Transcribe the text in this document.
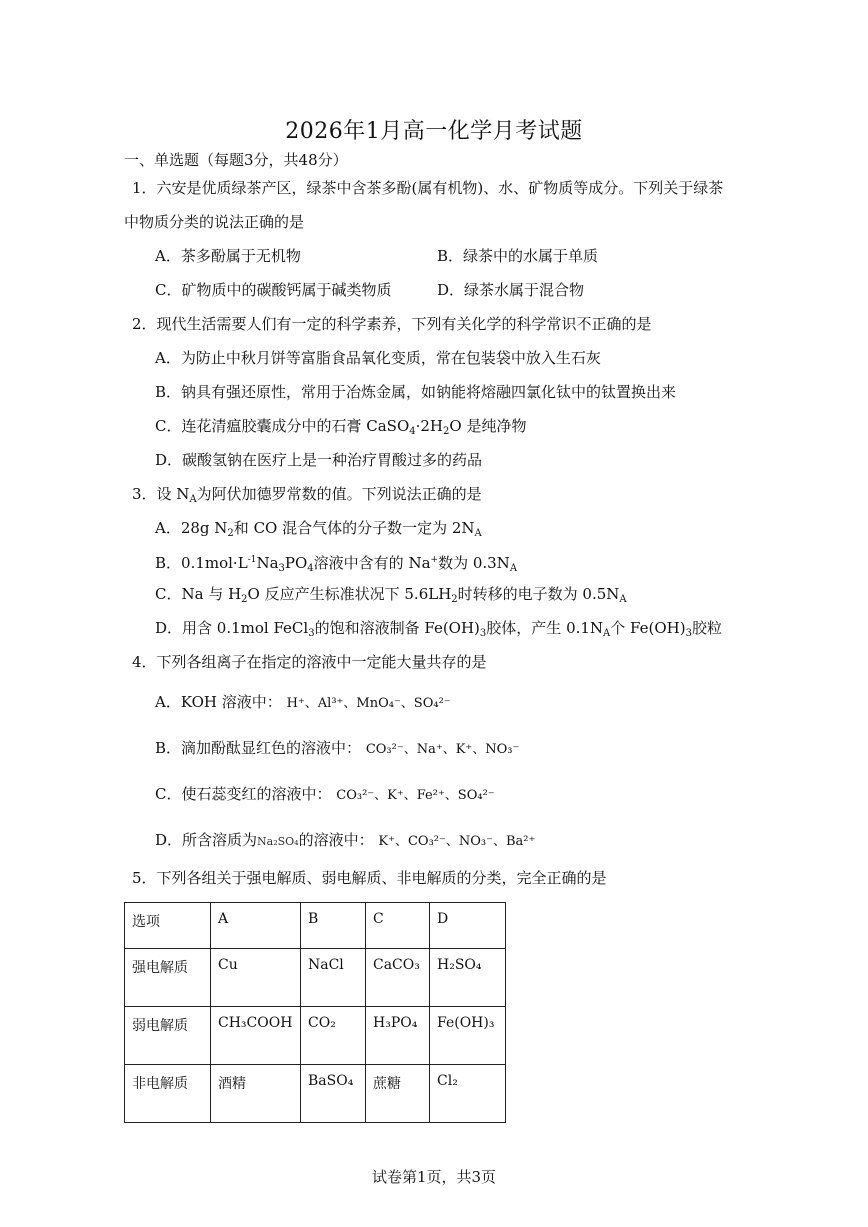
2026年1月高一化学月考试题
一、单选题（每题3分，共48分）
1．六安是优质绿茶产区，绿茶中含茶多酚(属有机物)、水、矿物质等成分。下列关于绿茶
中物质分类的说法正确的是
A．茶多酚属于无机物	B．绿茶中的水属于单质
C．矿物质中的碳酸钙属于碱类物质	D．绿茶水属于混合物
2．现代生活需要人们有一定的科学素养，下列有关化学的科学常识不正确的是
A．为防止中秋月饼等富脂食品氧化变质，常在包装袋中放入生石灰
B．钠具有强还原性，常用于冶炼金属，如钠能将熔融四氯化钛中的钛置换出来
C．连花清瘟胶囊成分中的石膏 $CaSO_4\cdot 2H_2O$ 是纯净物
D．碳酸氢钠在医疗上是一种治疗胃酸过多的药品
3．设 $N_A$为阿伏加德罗常数的值。下列说法正确的是
A．28g $N_2$和 CO 混合气体的分子数一定为 $2N_A$
B．$0.1mol\cdot L^{-1}Na_3PO_4$溶液中含有的 Na+数为 $0.3N_A$
C．Na 与 $H_2O$ 反应产生标准状况下 $5.6LH_2$时转移的电子数为 $0.5N_A$
D．用含 0.1mol FeCl$_3$的饱和溶液制备 $Fe(OH)_3$胶体，产生 $0.1N_A$个 $Fe(OH)_3$胶粒
4．下列各组离子在指定的溶液中一定能大量共存的是
A．KOH 溶液中： H⁺、Al³⁺、MnO₄⁻、SO₄²⁻
B．滴加酚酞显红色的溶液中： CO₃²⁻、Na⁺、K⁺、NO₃⁻
C．使石蕊变红的溶液中： CO₃²⁻、K⁺、Fe²⁺、SO₄²⁻
D．所含溶质为Na₂SO₄的溶液中： K⁺、CO₃²⁻、NO₃⁻、Ba²⁺
5．下列各组关于强电解质、弱电解质、非电解质的分类，完全正确的是
选项	A	B	C	D
强电解质	Cu	NaCl	CaCO₃	H₂SO₄
弱电解质	CH₃COOH	CO₂	H₃PO₄	Fe(OH)₃
非电解质	酒精	BaSO₄	蔗糖	Cl₂
试卷第1页，共3页
